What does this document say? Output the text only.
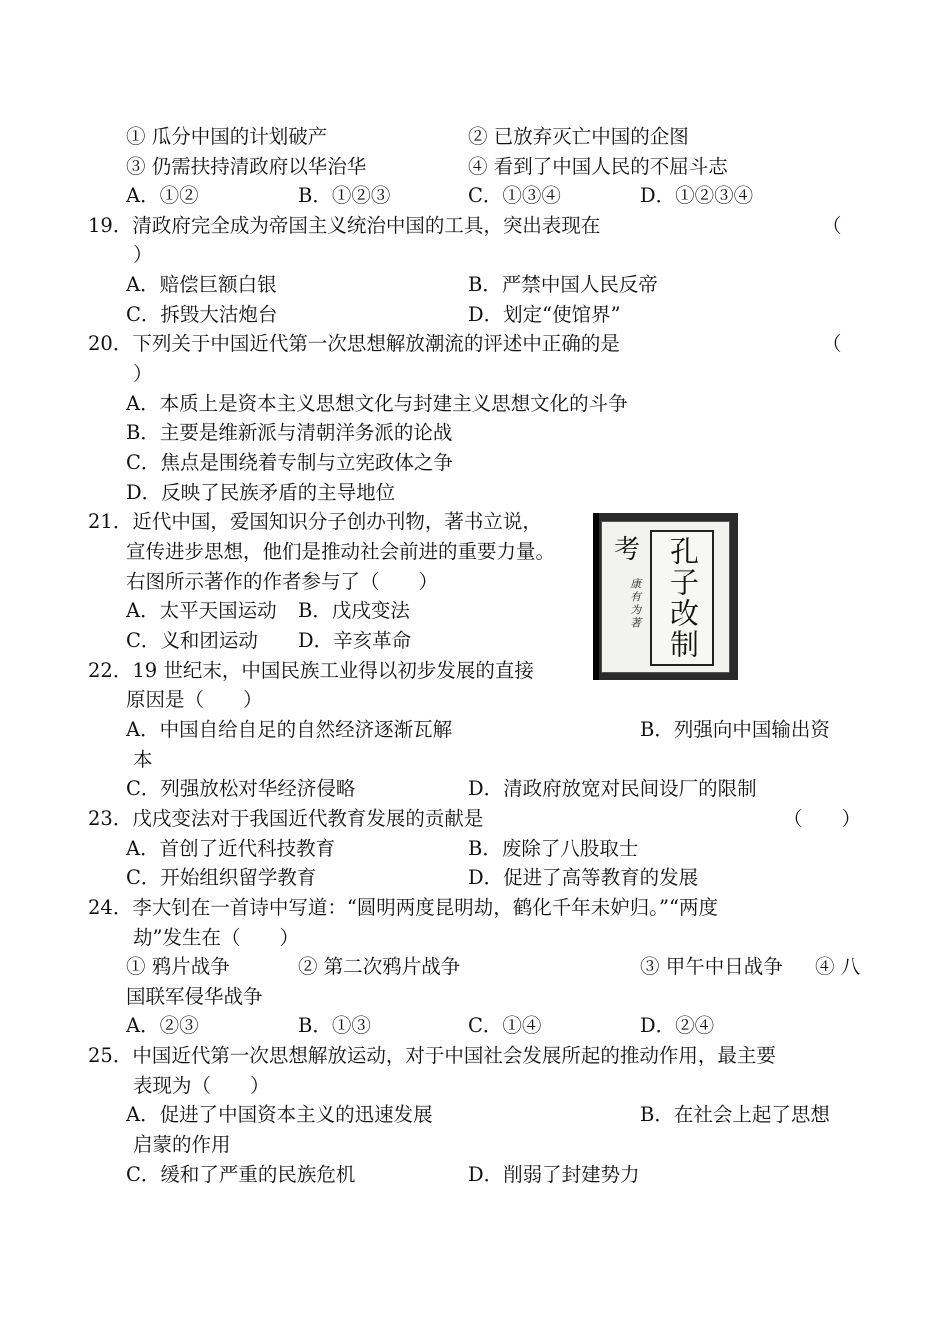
① 瓜分中国的计划破产	② 已放弃灭亡中国的企图
③ 仍需扶持清政府以华治华	④ 看到了中国人民的不屈斗志
A．①②	B．①②③	C．①③④	D．①②③④
19．清政府完全成为帝国主义统治中国的工具，突出表现在	（
）
A．赔偿巨额白银	B．严禁中国人民反帝
C．拆毁大沽炮台	D．划定“使馆界”
20．下列关于中国近代第一次思想解放潮流的评述中正确的是	（
）
A．本质上是资本主义思想文化与封建主义思想文化的斗争
B．主要是维新派与清朝洋务派的论战
C．焦点是围绕着专制与立宪政体之争
D．反映了民族矛盾的主导地位
21．近代中国，爱国知识分子创办刊物，著书立说，
宣传进步思想，他们是推动社会前进的重要力量。
右图所示著作的作者参与了（　　）
A．太平天国运动 B．戊戌变法
C．义和团运动 D．辛亥革命
考
康有为著 孔子改制
22．19 世纪末，中国民族工业得以初步发展的直接
原因是（　　）
A．中国自给自足的自然经济逐渐瓦解	B．列强向中国输出资
本
C．列强放松对华经济侵略	D．清政府放宽对民间设厂的限制
23．戊戌变法对于我国近代教育发展的贡献是	（　　）
A．首创了近代科技教育	B．废除了八股取士
C．开始组织留学教育	D．促进了高等教育的发展
24．李大钊在一首诗中写道：“圆明两度昆明劫，鹤化千年未妒归。”“两度
劫”发生在（　　）
① 鸦片战争	② 第二次鸦片战争	③ 甲午中日战争 ④ 八
国联军侵华战争
A．②③	B．①③	C．①④	D．②④
25．中国近代第一次思想解放运动，对于中国社会发展所起的推动作用，最主要
表现为（　　）
A．促进了中国资本主义的迅速发展	B．在社会上起了思想
启蒙的作用
C．缓和了严重的民族危机	D．削弱了封建势力
